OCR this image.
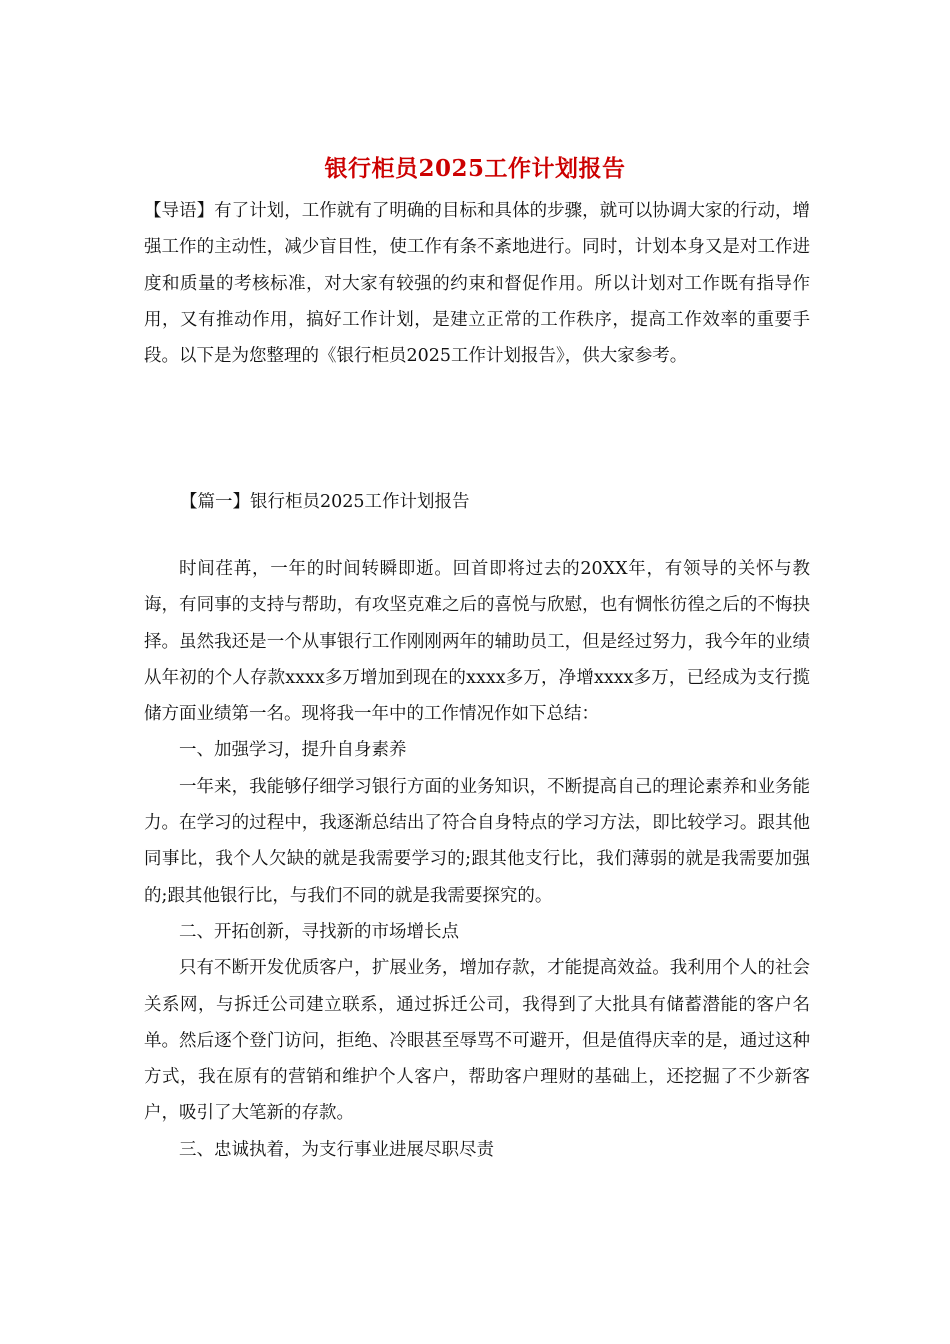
银行柜员2025工作计划报告

【导语】有了计划，工作就有了明确的目标和具体的步骤，就可以协调大家的行动，增强工作的主动性，减少盲目性，使工作有条不紊地进行。同时，计划本身又是对工作进度和质量的考核标准，对大家有较强的约束和督促作用。所以计划对工作既有指导作用，又有推动作用，搞好工作计划，是建立正常的工作秩序，提高工作效率的重要手段。以下是为您整理的《银行柜员2025工作计划报告》，供大家参考。

【篇一】银行柜员2025工作计划报告

时间荏苒，一年的时间转瞬即逝。回首即将过去的20XX年，有领导的关怀与教诲，有同事的支持与帮助，有攻坚克难之后的喜悦与欣慰，也有惆怅彷徨之后的不悔抉择。虽然我还是一个从事银行工作刚刚两年的辅助员工，但是经过努力，我今年的业绩从年初的个人存款xxxx多万增加到现在的xxxx多万，净增xxxx多万，已经成为支行揽储方面业绩第一名。现将我一年中的工作情况作如下总结：

一、加强学习，提升自身素养

一年来，我能够仔细学习银行方面的业务知识，不断提高自己的理论素养和业务能力。在学习的过程中，我逐渐总结出了符合自身特点的学习方法，即比较学习。跟其他同事比，我个人欠缺的就是我需要学习的;跟其他支行比，我们薄弱的就是我需要加强的;跟其他银行比，与我们不同的就是我需要探究的。

二、开拓创新，寻找新的市场增长点

只有不断开发优质客户，扩展业务，增加存款，才能提高效益。我利用个人的社会关系网，与拆迁公司建立联系，通过拆迁公司，我得到了大批具有储蓄潜能的客户名单。然后逐个登门访问，拒绝、冷眼甚至辱骂不可避开，但是值得庆幸的是，通过这种方式，我在原有的营销和维护个人客户，帮助客户理财的基础上，还挖掘了不少新客户，吸引了大笔新的存款。

三、忠诚执着，为支行事业进展尽职尽责
